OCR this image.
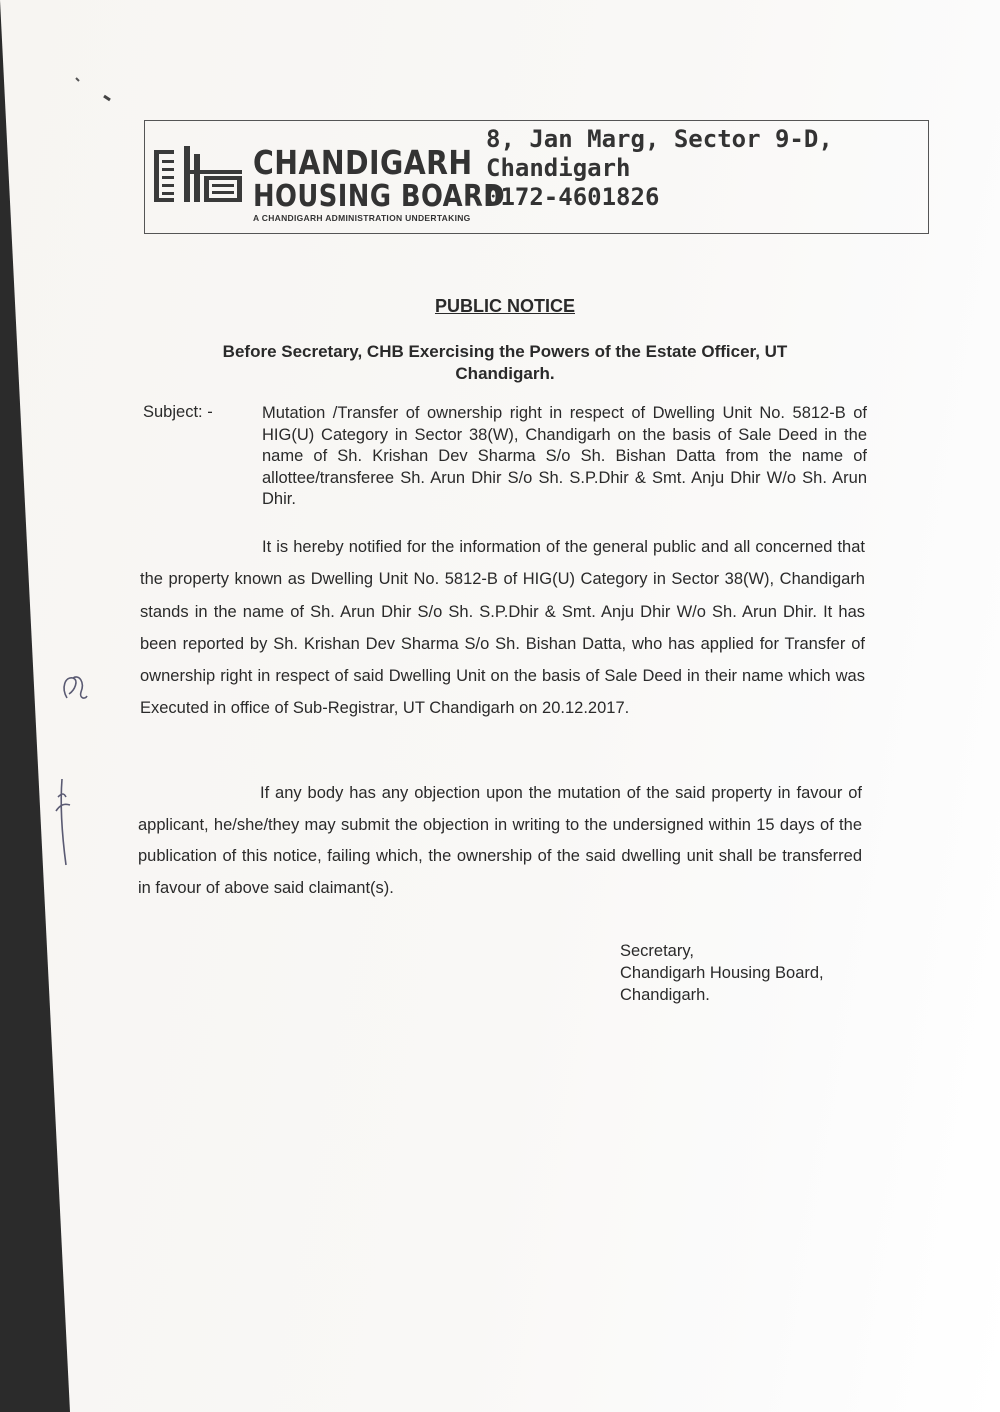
CHANDIGARH
HOUSING BOARD
A CHANDIGARH ADMINISTRATION UNDERTAKING
8, Jan Marg, Sector 9-D,
Chandigarh
0172-4601826
PUBLIC NOTICE
Before Secretary, CHB Exercising the Powers of the Estate Officer, UT
Chandigarh.
Subject: -	Mutation /Transfer of ownership right in respect of Dwelling Unit No. 5812-B of HIG(U) Category in Sector 38(W), Chandigarh on the basis of Sale Deed in the name of Sh. Krishan Dev Sharma S/o Sh. Bishan Datta from the name of allottee/transferee Sh. Arun Dhir S/o Sh. S.P.Dhir & Smt. Anju Dhir W/o Sh. Arun Dhir.
It is hereby notified for the information of the general public and all concerned that the property known as Dwelling Unit No. 5812-B of HIG(U) Category in Sector 38(W), Chandigarh stands in the name of Sh. Arun Dhir S/o Sh. S.P.Dhir & Smt. Anju Dhir W/o Sh. Arun Dhir. It has been reported by Sh. Krishan Dev Sharma S/o Sh. Bishan Datta, who has applied for Transfer of ownership right in respect of said Dwelling Unit on the basis of Sale Deed in their name which was Executed in office of Sub-Registrar, UT Chandigarh on 20.12.2017.
If any body has any objection upon the mutation of the said property in favour of applicant, he/she/they may submit the objection in writing to the undersigned within 15 days of the publication of this notice, failing which, the ownership of the said dwelling unit shall be transferred in favour of above said claimant(s).
Secretary,
Chandigarh Housing Board,
Chandigarh.
